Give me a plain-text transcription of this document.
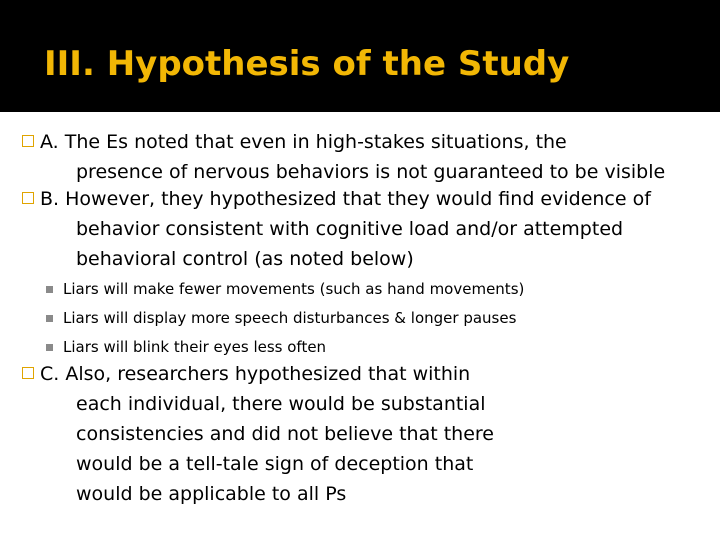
III. Hypothesis of the Study
A. The Es noted that even in high-stakes situations, the
presence of nervous behaviors is not guaranteed to be visible
B. However, they hypothesized that they would find evidence of
behavior consistent with cognitive load and/or attempted
behavioral control (as noted below)
Liars will make fewer movements (such as hand movements)
Liars will display more speech disturbances & longer pauses
Liars will blink their eyes less often
C. Also, researchers hypothesized that within
each individual, there would be substantial
consistencies and did not believe that there
would be a tell-tale sign of deception that
would be applicable to all Ps
